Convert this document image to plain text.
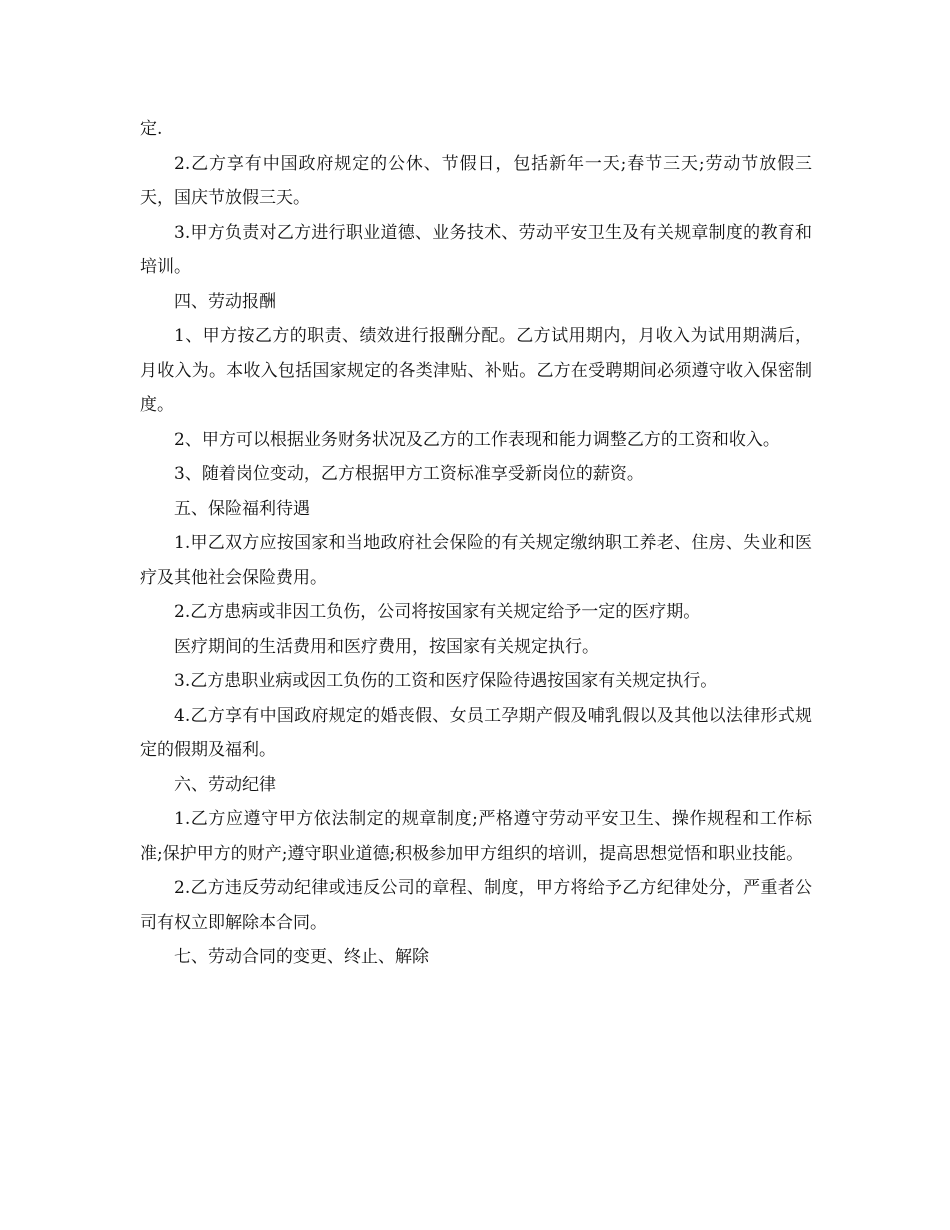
定.

2.乙方享有中国政府规定的公休、节假日，包括新年一天;春节三天;劳动节放假三天，国庆节放假三天。

3.甲方负责对乙方进行职业道德、业务技术、劳动平安卫生及有关规章制度的教育和培训。

四、劳动报酬

1、甲方按乙方的职责、绩效进行报酬分配。乙方试用期内，月收入为试用期满后，月收入为。本收入包括国家规定的各类津贴、补贴。乙方在受聘期间必须遵守收入保密制度。

2、甲方可以根据业务财务状况及乙方的工作表现和能力调整乙方的工资和收入。

3、随着岗位变动，乙方根据甲方工资标准享受新岗位的薪资。

五、保险福利待遇

1.甲乙双方应按国家和当地政府社会保险的有关规定缴纳职工养老、住房、失业和医疗及其他社会保险费用。

2.乙方患病或非因工负伤，公司将按国家有关规定给予一定的医疗期。

医疗期间的生活费用和医疗费用，按国家有关规定执行。

3.乙方患职业病或因工负伤的工资和医疗保险待遇按国家有关规定执行。

4.乙方享有中国政府规定的婚丧假、女员工孕期产假及哺乳假以及其他以法律形式规定的假期及福利。

六、劳动纪律

1.乙方应遵守甲方依法制定的规章制度;严格遵守劳动平安卫生、操作规程和工作标准;保护甲方的财产;遵守职业道德;积极参加甲方组织的培训，提高思想觉悟和职业技能。

2.乙方违反劳动纪律或违反公司的章程、制度，甲方将给予乙方纪律处分，严重者公司有权立即解除本合同。

七、劳动合同的变更、终止、解除
